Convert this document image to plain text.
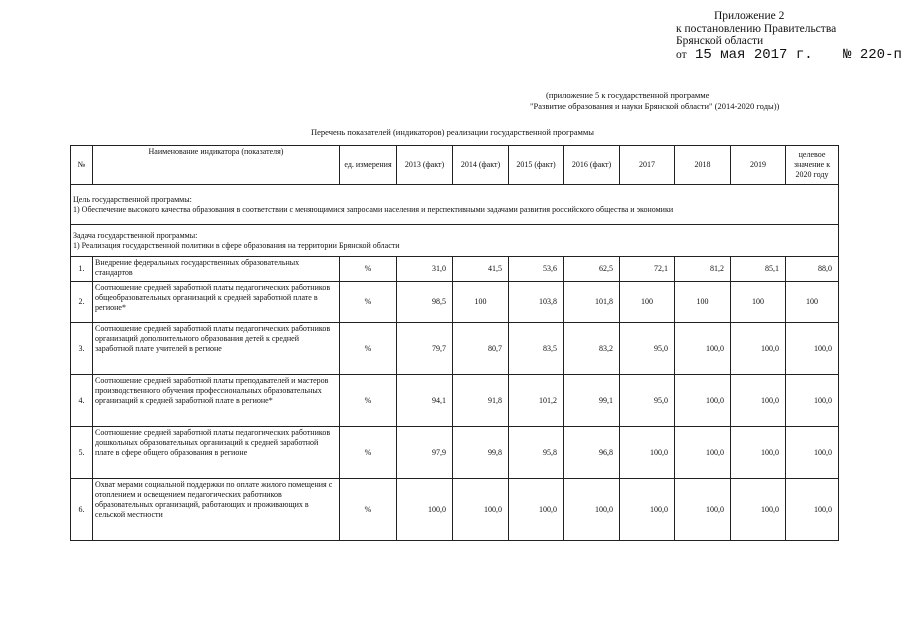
Приложение 2
к постановлению Правительства
Брянской области
от 15 мая 2017 г. № 220-п
(приложение 5 к государственной программе
"Развитие образования и науки Брянской области" (2014-2020 годы))
Перечень показателей (индикаторов) реализации государственной программы
№	Наименование индикатора (показателя)	ед. измерения	2013 (факт)	2014 (факт)	2015 (факт)	2016 (факт)	2017	2018	2019	целевое значение к 2020 году

Цель государственной программы:
1) Обеспечение высокого качества образования в соответствии с меняющимися запросами населения и перспективными задачами развития российского общества и экономики										

Задача государственной программы:
1) Реализация государственной политики в сфере образования на территории Брянской области										

1.	Внедрение федеральных государственных образовательных стандартов	%	31,0	41,5	53,6	62,5	72,1	81,2	85,1	88,0
2.	Соотношение средней заработной платы педагогических работников общеобразовательных организаций к средней заработной плате в регионе*	%	98,5	100	103,8	101,8	100	100	100	100
3.	Соотношение средней заработной платы педагогических работников организаций дополнительного образования детей к средней заработной плате учителей в регионе	%	79,7	80,7	83,5	83,2	95,0	100,0	100,0	100,0
4.	Соотношение средней заработной платы преподавателей и мастеров производственного обучения профессиональных образовательных организаций к средней заработной плате в регионе*	%	94,1	91,8	101,2	99,1	95,0	100,0	100,0	100,0
5.	Соотношение средней заработной платы педагогических работников дошкольных образовательных организаций к средней заработной плате в сфере общего образования в регионе	%	97,9	99,8	95,8	96,8	100,0	100,0	100,0	100,0
6.	Охват мерами социальной поддержки по оплате жилого помещения с отоплением и освещением педагогических работников образовательных организаций, работающих и проживающих в сельской местности	%	100,0	100,0	100,0	100,0	100,0	100,0	100,0	100,0
